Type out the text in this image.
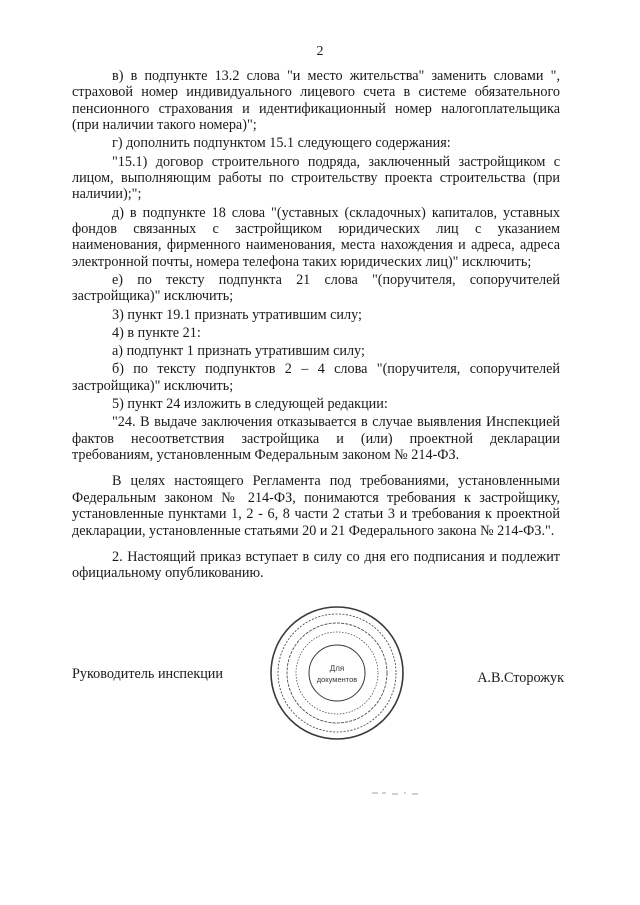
2

в) в подпункте 13.2 слова "и место жительства" заменить словами ", страховой номер индивидуального лицевого счета в системе обязательного пенсионного страхования и идентификационный номер налогоплательщика (при наличии такого номера)";

г) дополнить подпунктом 15.1 следующего содержания:

"15.1) договор строительного подряда, заключенный застройщиком с лицом, выполняющим работы по строительству проекта строительства (при наличии);";

д) в подпункте 18 слова "(уставных (складочных) капиталов, уставных фондов связанных с застройщиком юридических лиц с указанием наименования, фирменного наименования, места нахождения и адреса, адреса электронной почты, номера телефона таких юридических лиц)" исключить;

е) по тексту подпункта 21 слова "(поручителя, сопоручителей застройщика)" исключить;

3) пункт 19.1 признать утратившим силу;

4) в пункте 21:

а) подпункт 1 признать утратившим силу;

б) по тексту подпунктов 2 – 4 слова "(поручителя, сопоручителей застройщика)" исключить;

5) пункт 24 изложить в следующей редакции:

"24. В выдаче заключения отказывается в случае выявления Инспекцией фактов несоответствия застройщика и (или) проектной декларации требованиям, установленным Федеральным законом № 214-ФЗ.

В целях настоящего Регламента под требованиями, установленными Федеральным законом № 214-ФЗ, понимаются требования к застройщику, установленные пунктами 1, 2 - 6, 8 части 2 статьи 3 и требования к проектной декларации, установленные статьями 20 и 21 Федерального закона № 214-ФЗ.".

2. Настоящий приказ вступает в силу со дня его подписания и подлежит официальному опубликованию.

Для
документов
Руководитель инспекции	А.В.Сторожук
